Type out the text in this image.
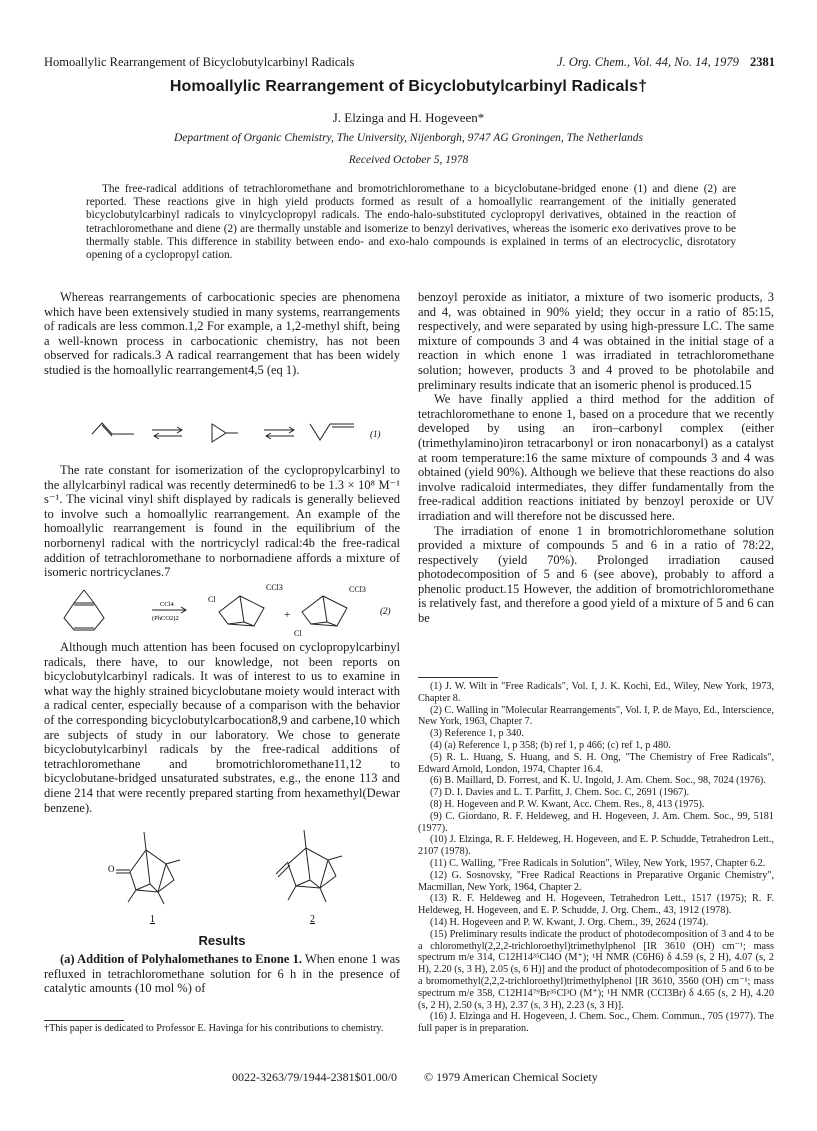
Homoallylic Rearrangement of Bicyclobutylcarbinyl Radicals	J. Org. Chem., Vol. 44, No. 14, 1979 2381
Homoallylic Rearrangement of Bicyclobutylcarbinyl Radicals†
J. Elzinga and H. Hogeveen*
Department of Organic Chemistry, The University, Nijenborgh, 9747 AG Groningen, The Netherlands
Received October 5, 1978
The free-radical additions of tetrachloromethane and bromotrichloromethane to a bicyclobutane-bridged enone (1) and diene (2) are reported. These reactions give in high yield products formed as result of a homoallylic rearrangement of the initially generated bicyclobutylcarbinyl radicals to vinylcyclopropyl radicals. The endo-halo-substituted cyclopropyl derivatives, obtained in the reaction of tetrachloromethane and diene (2) are thermally unstable and isomerize to benzyl derivatives, whereas the isomeric exo derivatives prove to be thermally stable. This difference in stability between endo- and exo-halo compounds is explained in terms of an electrocyclic, disrotatory opening of a cyclopropyl cation.

Whereas rearrangements of carbocationic species are phenomena which have been extensively studied in many systems, rearrangements of radicals are less common.1,2 For example, a 1,2-methyl shift, being a well-known process in carbocationic chemistry, has not been observed for radicals.3 A radical rearrangement that has been widely studied is the homoallylic rearrangement4,5 (eq 1).

(1)

The rate constant for isomerization of the cyclopropylcarbinyl to the allylcarbinyl radical was recently determined6 to be 1.3 × 10⁸ M⁻¹ s⁻¹. The vicinal vinyl shift displayed by radicals is generally believed to involve such a homoallylic rearrangement. An example of the homoallylic rearrangement is found in the equilibrium of the norbornenyl radical with the nortricyclyl radical:4b the free-radical addition of tetrachloromethane to norbornadiene affords a mixture of isomeric nortricyclanes.7

CCl4
(PhCO2)2
Cl
CCl3
+
CCl3
Cl
(2)

Although much attention has been focused on cyclopropylcarbinyl radicals, there have, to our knowledge, not been reports on bicyclobutylcarbinyl radicals. It was of interest to us to examine in what way the highly strained bicyclobutane moiety would interact with a radical center, especially because of a comparison with the behavior of the corresponding bicyclobutylcarbocation8,9 and carbene,10 which are subjects of study in our laboratory. We chose to generate bicyclobutylcarbinyl radicals by the free-radical additions of tetrachloromethane and bromotrichloromethane11,12 to bicyclobutane-bridged unsaturated substrates, e.g., the enone 113 and diene 214 that were recently prepared starting from hexamethyl(Dewar benzene).

O
1	2
Results

(a) Addition of Polyhalomethanes to Enone 1. When enone 1 was refluxed in tetrachloromethane solution for 6 h in the presence of catalytic amounts (10 mol %) of

†This paper is dedicated to Professor E. Havinga for his contributions to chemistry.

benzoyl peroxide as initiator, a mixture of two isomeric products, 3 and 4, was obtained in 90% yield; they occur in a ratio of 85:15, respectively, and were separated by using high-pressure LC. The same mixture of compounds 3 and 4 was obtained in the initial stage of a reaction in which enone 1 was irradiated in tetrachloromethane solution; however, products 3 and 4 proved to be photolabile and preliminary results indicate that an isomeric phenol is produced.15

We have finally applied a third method for the addition of tetrachloromethane to enone 1, based on a procedure that we recently developed by using an iron–carbonyl complex (either (trimethylamino)iron tetracarbonyl or iron nonacarbonyl) as a catalyst at room temperature:16 the same mixture of compounds 3 and 4 was obtained (yield 90%). Although we believe that these reactions do also involve radicaloid intermediates, they differ fundamentally from the free-radical addition reactions initiated by benzoyl peroxide or UV irradiation and will therefore not be discussed here.

The irradiation of enone 1 in bromotrichloromethane solution provided a mixture of compounds 5 and 6 in a ratio of 78:22, respectively (yield 70%). Prolonged irradiation caused photodecomposition of 5 and 6 (see above), probably to afford a phenolic product.15 However, the addition of bromotrichloromethane is relatively fast, and therefore a good yield of a mixture of 5 and 6 can be

(1) J. W. Wilt in "Free Radicals", Vol. I, J. K. Kochi, Ed., Wiley, New York, 1973, Chapter 8.
(2) C. Walling in "Molecular Rearrangements", Vol. I, P. de Mayo, Ed., Interscience, New York, 1963, Chapter 7.
(3) Reference 1, p 340.
(4) (a) Reference 1, p 358; (b) ref 1, p 466; (c) ref 1, p 480.
(5) R. L. Huang, S. Huang, and S. H. Ong, "The Chemistry of Free Radicals", Edward Arnold, London, 1974, Chapter 16.4.
(6) B. Maillard, D. Forrest, and K. U. Ingold, J. Am. Chem. Soc., 98, 7024 (1976).
(7) D. I. Davies and L. T. Parfitt, J. Chem. Soc. C, 2691 (1967).
(8) H. Hogeveen and P. W. Kwant, Acc. Chem. Res., 8, 413 (1975).
(9) C. Giordano, R. F. Heldeweg, and H. Hogeveen, J. Am. Chem. Soc., 99, 5181 (1977).
(10) J. Elzinga, R. F. Heldeweg, H. Hogeveen, and E. P. Schudde, Tetrahedron Lett., 2107 (1978).
(11) C. Walling, "Free Radicals in Solution", Wiley, New York, 1957, Chapter 6.2.
(12) G. Sosnovsky, "Free Radical Reactions in Preparative Organic Chemistry", Macmillan, New York, 1964, Chapter 2.
(13) R. F. Heldeweg and H. Hogeveen, Tetrahedron Lett., 1517 (1975); R. F. Heldeweg, H. Hogeveen, and E. P. Schudde, J. Org. Chem., 43, 1912 (1978).
(14) H. Hogeveen and P. W. Kwant, J. Org. Chem., 39, 2624 (1974).
(15) Preliminary results indicate the product of photodecomposition of 3 and 4 to be a chloromethyl(2,2,2-trichloroethyl)trimethylphenol [IR 3610 (OH) cm⁻¹; mass spectrum m/e 314, C12H14³⁵Cl4O (M⁺); ¹H NMR (C6H6) δ 4.59 (s, 2 H), 4.07 (s, 2 H), 2.20 (s, 3 H), 2.05 (s, 6 H)] and the product of photodecomposition of 5 and 6 to be a bromomethyl(2,2,2-trichloroethyl)trimethylphenol [IR 3610, 3560 (OH) cm⁻¹; mass spectrum m/e 358, C12H14⁷⁹Br³⁵Cl³O (M⁺); ¹H NMR (CCl3Br) δ 4.65 (s, 2 H), 4.20 (s, 2 H), 2.50 (s, 3 H), 2.37 (s, 3 H), 2.23 (s, 3 H)].
(16) J. Elzinga and H. Hogeveen, J. Chem. Soc., Chem. Commun., 705 (1977). The full paper is in preparation.
0022-3263/79/1944-2381$01.00/0 © 1979 American Chemical Society
